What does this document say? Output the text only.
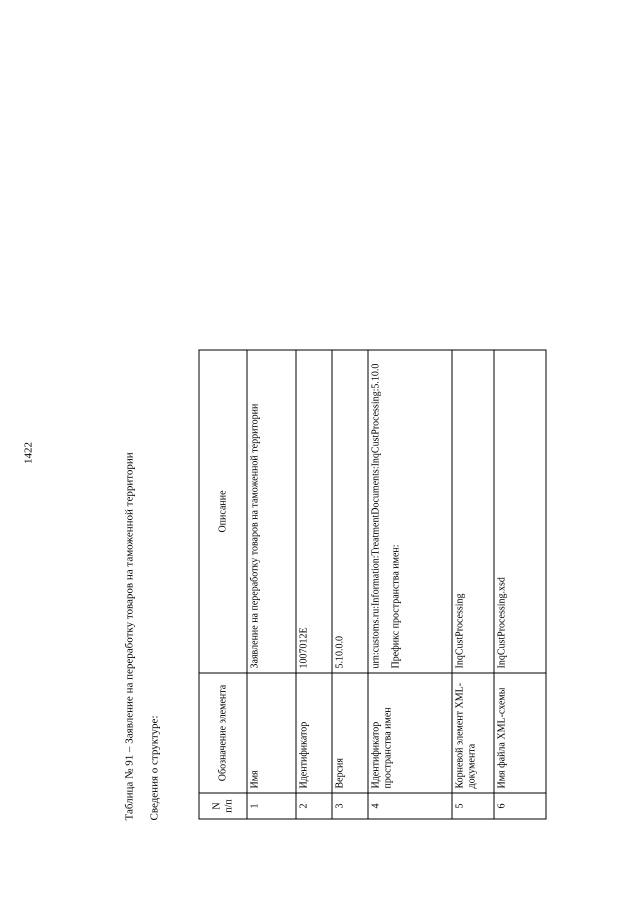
1422	Таблица № 91 – Заявление на переработку товаров на таможенной территории Сведения о структуре:	N п/п	Обозначение элемента	Описание
1	Имя	Заявление на переработку товаров на таможенной территории

2	Идентификатор	1007012E

3	Версия	5.10.0.0

4	Идентификатор пространства имен	urn:customs.ru:Information:TreatmentDocuments:InqCustProcessing:5.10.0 Префикс пространства имен:

5	Корневой элемент XML-документа	InqCustProcessing

6	Имя файла XML-схемы	InqCustProcessing.xsd
